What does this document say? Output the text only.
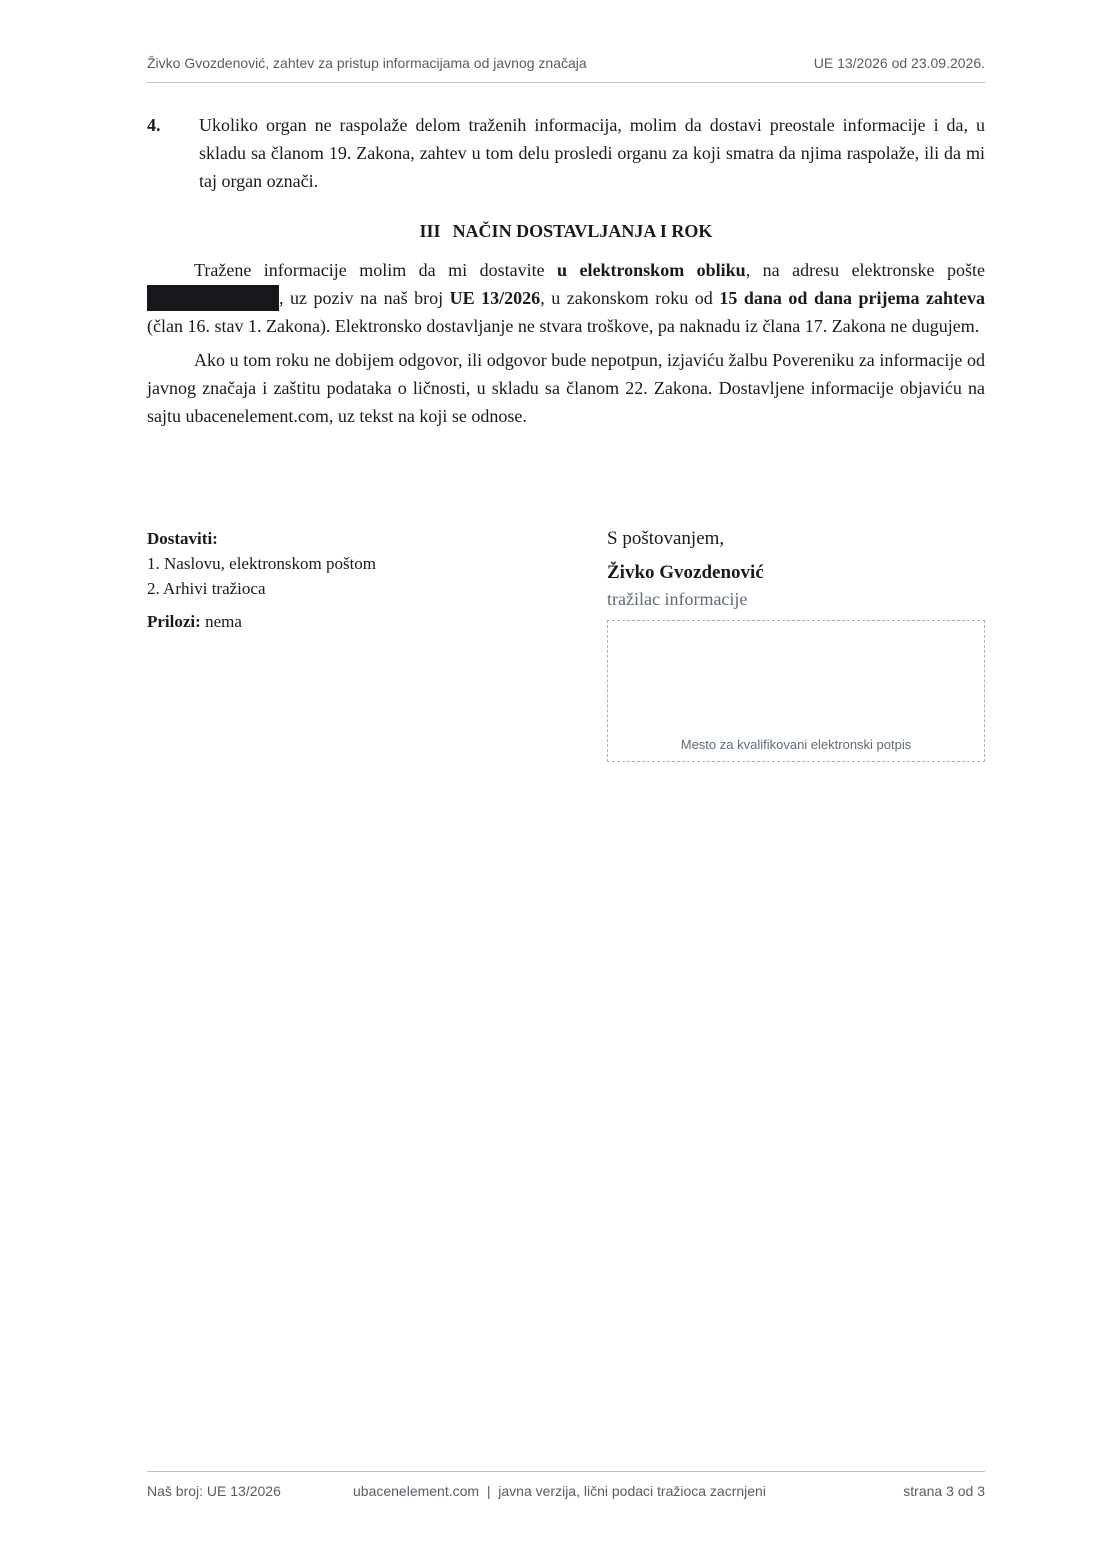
Živko Gvozdenović, zahtev za pristup informacijama od javnog značaja	UE 13/2026 od 23.09.2026.
4. Ukoliko organ ne raspolaže delom traženih informacija, molim da dostavi preostale informacije i da, u skladu sa članom 19. Zakona, zahtev u tom delu prosledi organu za koji smatra da njima raspolaže, ili da mi taj organ označi.
III NAČIN DOSTAVLJANJA I ROK

Tražene informacije molim da mi dostavite u elektronskom obliku, na adresu elektronske pošte , uz poziv na naš broj UE 13/2026, u zakonskom roku od 15 dana od dana prijema zahteva (član 16. stav 1. Zakona). Elektronsko dostavljanje ne stvara troškove, pa naknadu iz člana 17. Zakona ne dugujem.

Ako u tom roku ne dobijem odgovor, ili odgovor bude nepotpun, izjaviću žalbu Povereniku za informacije od javnog značaja i zaštitu podataka o ličnosti, u skladu sa članom 22. Zakona. Dostavljene informacije objaviću na sajtu ubacenelement.com, uz tekst na koji se odnose.

Dostaviti:
1. Naslovu, elektronskom poštom
2. Arhivi tražioca
Prilozi: nema
S poštovanjem,
Živko Gvozdenović
tražilac informacije
Mesto za kvalifikovani elektronski potpis
Naš broj: UE 13/2026	ubacenelement.com  |  javna verzija, lični podaci tražioca zacrnjeni	strana 3 od 3
